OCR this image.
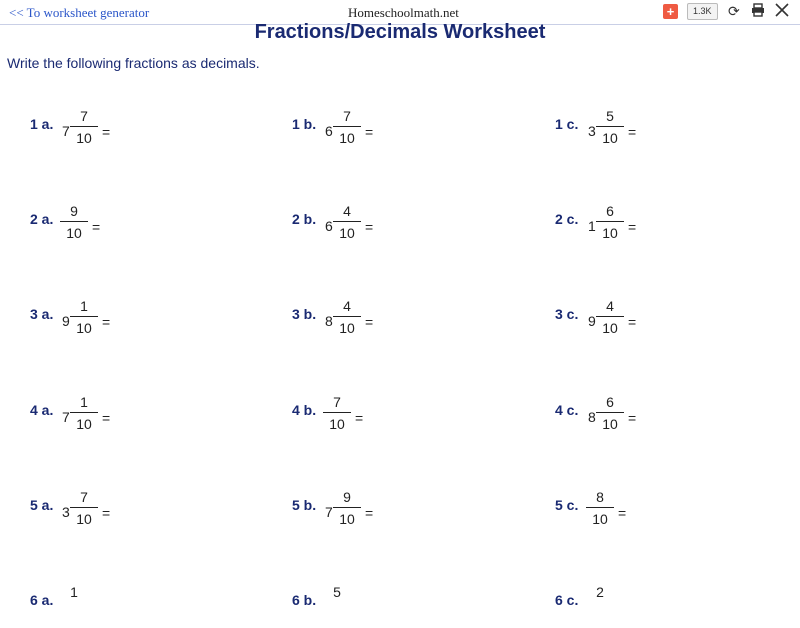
<< To worksheet generator	Homeschoolmath.net	+	1.3K	⟳
Fractions/Decimals Worksheet
Write the following fractions as decimals.
1 a. 7
7
10 =	1 b. 6
7
10 =	1 c. 3
5
10 =
2 a.	9
10 =	2 b. 6
4
10 =	2 c. 1
6
10 =
3 a. 9
1
10 =	3 b. 8
4
10 =	3 c. 9
4
10 =
4 a. 7
1
10 =	4 b.	7
10 =	4 c. 8
6
10 =
5 a. 3
7
10 =	5 b. 7
9
10 =	5 c.	8
10 =
6 a.	1	6 b.	5	6 c.	2
